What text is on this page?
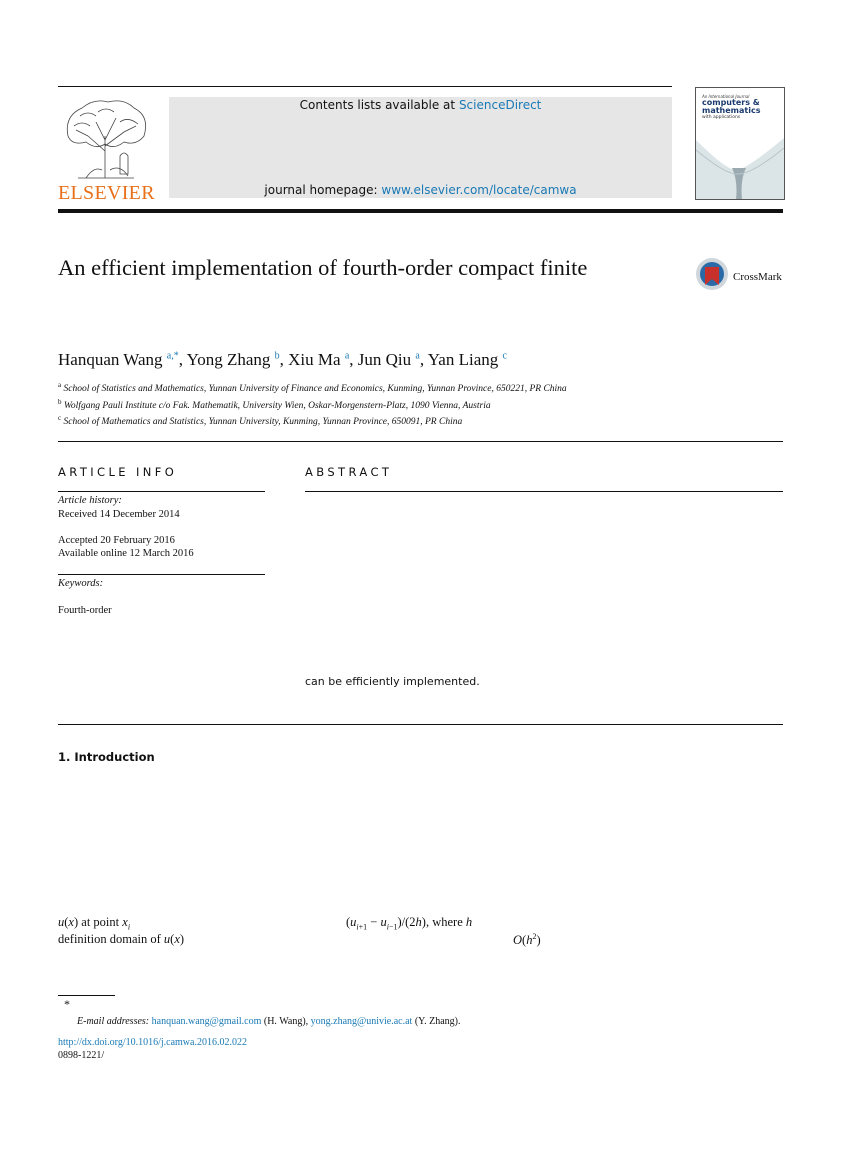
ELSEVIER
Contents lists available at ScienceDirect
journal homepage: www.elsevier.com/locate/camwa
An International Journal
computers &
mathematics
with applications
An efficient implementation of fourth-order compact finite	CrossMark
Hanquan Wang $^{a,*}$, Yong Zhang $^b$, Xiu Ma $^a$, Jun Qiu $^a$, Yan Liang $^c$
$^a$ School of Statistics and Mathematics, Yunnan University of Finance and Economics, Kunming, Yunnan Province, 650221, PR China
$^b$ Wolfgang Pauli Institute c/o Fak. Mathematik, University Wien, Oskar-Morgenstern-Platz, 1090 Vienna, Austria
$^c$ School of Mathematics and Statistics, Yunnan University, Kunming, Yunnan Province, 650091, PR China
ARTICLE INFO
Article history:
Received 14 December 2014
Accepted 20 February 2016
Available online 12 March 2016
Keywords:
Fourth-order
ABSTRACT
can be efficiently implemented.
1. Introduction
u(x) at point $x_i$	$(u_{i+1} - u_{i-1})/(2h)$, where h
definition domain of u(x)	$O(h^2)$
*
E-mail addresses: hanquan.wang@gmail.com (H. Wang), yong.zhang@univie.ac.at (Y. Zhang).
http://dx.doi.org/10.1016/j.camwa.2016.02.022
0898-1221/
